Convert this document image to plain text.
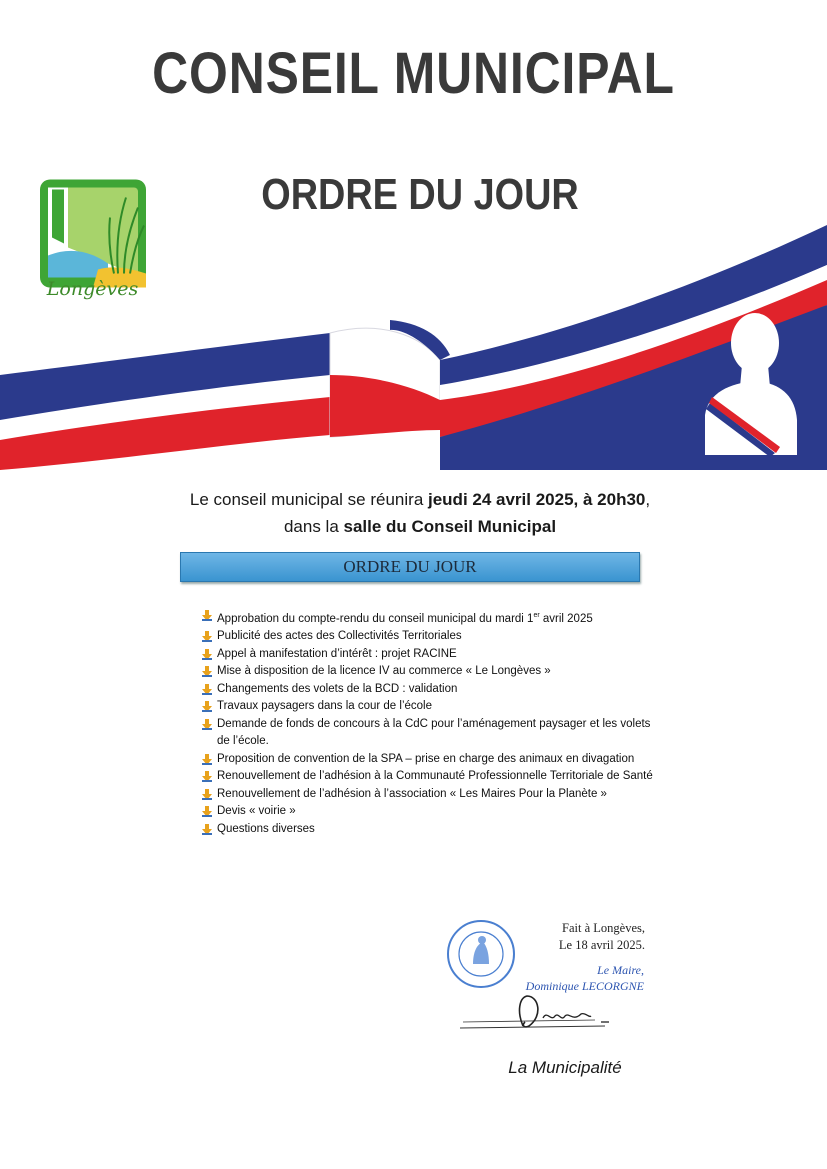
CONSEIL MUNICIPAL
ORDRE DU JOUR
Longèves
Le conseil municipal se réunira jeudi 24 avril 2025, à 20h30,
dans la salle du Conseil Municipal
ORDRE DU JOUR
Approbation du compte-rendu du conseil municipal du mardi 1er avril 2025
Publicité des actes des Collectivités Territoriales
Appel à manifestation d’intérêt : projet RACINE
Mise à disposition de la licence IV au commerce « Le Longèves »
Changements des volets de la BCD : validation
Travaux paysagers dans la cour de l’école
Demande de fonds de concours à la CdC pour l’aménagement paysager et les volets de l’école.
Proposition de convention de la SPA – prise en charge des animaux en divagation
Renouvellement de l’adhésion à la Communauté Professionnelle Territoriale de Santé
Renouvellement de l’adhésion à l’association « Les Maires Pour la Planète »
Devis « voirie »
Questions diverses
Fait à Longèves,
Le 18 avril 2025.
Le Maire,
Dominique LECORGNE
La Municipalité
